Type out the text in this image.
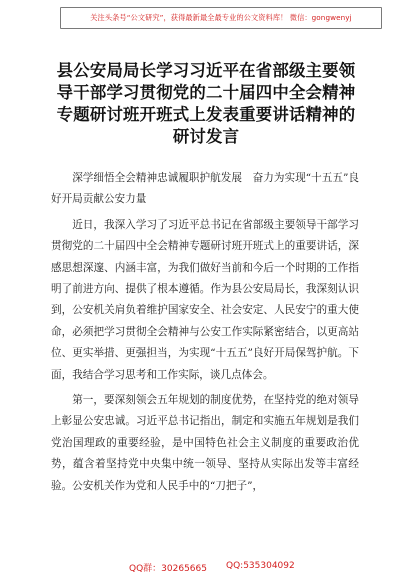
关注头条号“公文研究”，获得最新最全最专业的公文资料库！ 微信：gongwenyj
县公安局局长学习习近平在省部级主要领导干部学习贯彻党的二十届四中全会精神专题研讨班开班式上发表重要讲话精神的研讨发言

深学细悟全会精神忠诚履职护航发展　奋力为实现“十五五”良好开局贡献公安力量

近日，我深入学习了习近平总书记在省部级主要领导干部学习贯彻党的二十届四中全会精神专题研讨班开班式上的重要讲话，深感思想深邃、内涵丰富，为我们做好当前和今后一个时期的工作指明了前进方向、提供了根本遵循。作为县公安局局长，我深刻认识到，公安机关肩负着维护国家安全、社会安定、人民安宁的重大使命，必须把学习贯彻全会精神与公安工作实际紧密结合，以更高站位、更实举措、更强担当，为实现“十五五”良好开局保驾护航。下面，我结合学习思考和工作实际，谈几点体会。

第一，要深刻领会五年规划的制度优势，在坚持党的绝对领导上彰显公安忠诚。习近平总书记指出，制定和实施五年规划是我们党治国理政的重要经验，是中国特色社会主义制度的重要政治优势，蕴含着坚持党中央集中统一领导、坚持从实际出发等丰富经验。公安机关作为党和人民手中的“刀把子”，

QQ群：30265665 QQ:535304092
